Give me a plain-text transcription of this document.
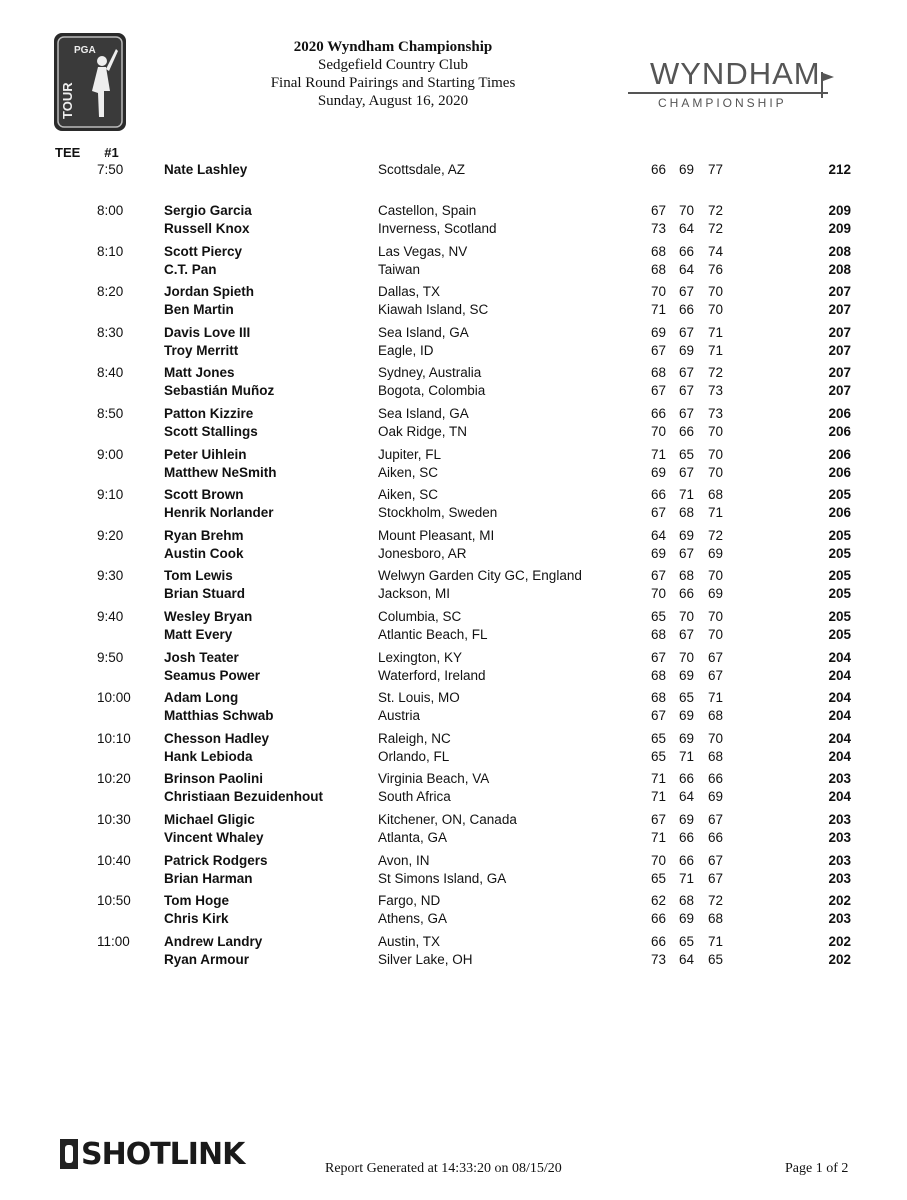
PGA
TOUR
2020 Wyndham Championship
Sedgefield Country Club
Final Round Pairings and Starting Times
Sunday, August 16, 2020
WYNDHAM
CHAMPIONSHIP
TEE #1
7:50	Nate Lashley	Scottsdale, AZ	66 69 77	212
8:00	Sergio Garcia	Castellon, Spain	67 70 72	209
Russell Knox	Inverness, Scotland	73 64 72	209
8:10	Scott Piercy	Las Vegas, NV	68 66 74	208
C.T. Pan	Taiwan	68 64 76	208
8:20	Jordan Spieth	Dallas, TX	70 67 70	207
Ben Martin	Kiawah Island, SC	71 66 70	207
8:30	Davis Love III	Sea Island, GA	69 67 71	207
Troy Merritt	Eagle, ID	67 69 71	207
8:40	Matt Jones	Sydney, Australia	68 67 72	207
Sebastián Muñoz	Bogota, Colombia	67 67 73	207
8:50	Patton Kizzire	Sea Island, GA	66 67 73	206
Scott Stallings	Oak Ridge, TN	70 66 70	206
9:00	Peter Uihlein	Jupiter, FL	71 65 70	206
Matthew NeSmith	Aiken, SC	69 67 70	206
9:10	Scott Brown	Aiken, SC	66 71 68	205
Henrik Norlander	Stockholm, Sweden	67 68 71	206
9:20	Ryan Brehm	Mount Pleasant, MI	64 69 72	205
Austin Cook	Jonesboro, AR	69 67 69	205
9:30	Tom Lewis	Welwyn Garden City GC, England	67 68 70	205
Brian Stuard	Jackson, MI	70 66 69	205
9:40	Wesley Bryan	Columbia, SC	65 70 70	205
Matt Every	Atlantic Beach, FL	68 67 70	205
9:50	Josh Teater	Lexington, KY	67 70 67	204
Seamus Power	Waterford, Ireland	68 69 67	204
10:00 Adam Long	St. Louis, MO	68 65 71	204
Matthias Schwab	Austria	67 69 68	204
10:10 Chesson Hadley	Raleigh, NC	65 69 70	204
Hank Lebioda	Orlando, FL	65 71 68	204
10:20 Brinson Paolini	Virginia Beach, VA	71 66 66	203
Christiaan Bezuidenhout	South Africa	71 64 69	204
10:30 Michael Gligic	Kitchener, ON, Canada	67 69 67	203
Vincent Whaley	Atlanta, GA	71 66 66	203
10:40 Patrick Rodgers	Avon, IN	70 66 67	203
Brian Harman	St Simons Island, GA	65 71 67	203
10:50 Tom Hoge	Fargo, ND	62 68 72	202
Chris Kirk	Athens, GA	66 69 68	203
11:00	Andrew Landry	Austin, TX	66 65 71	202
Ryan Armour	Silver Lake, OH	73 64 65	202
SHOTLINK	Report Generated at 14:33:20 on 08/15/20	Page 1 of 2
